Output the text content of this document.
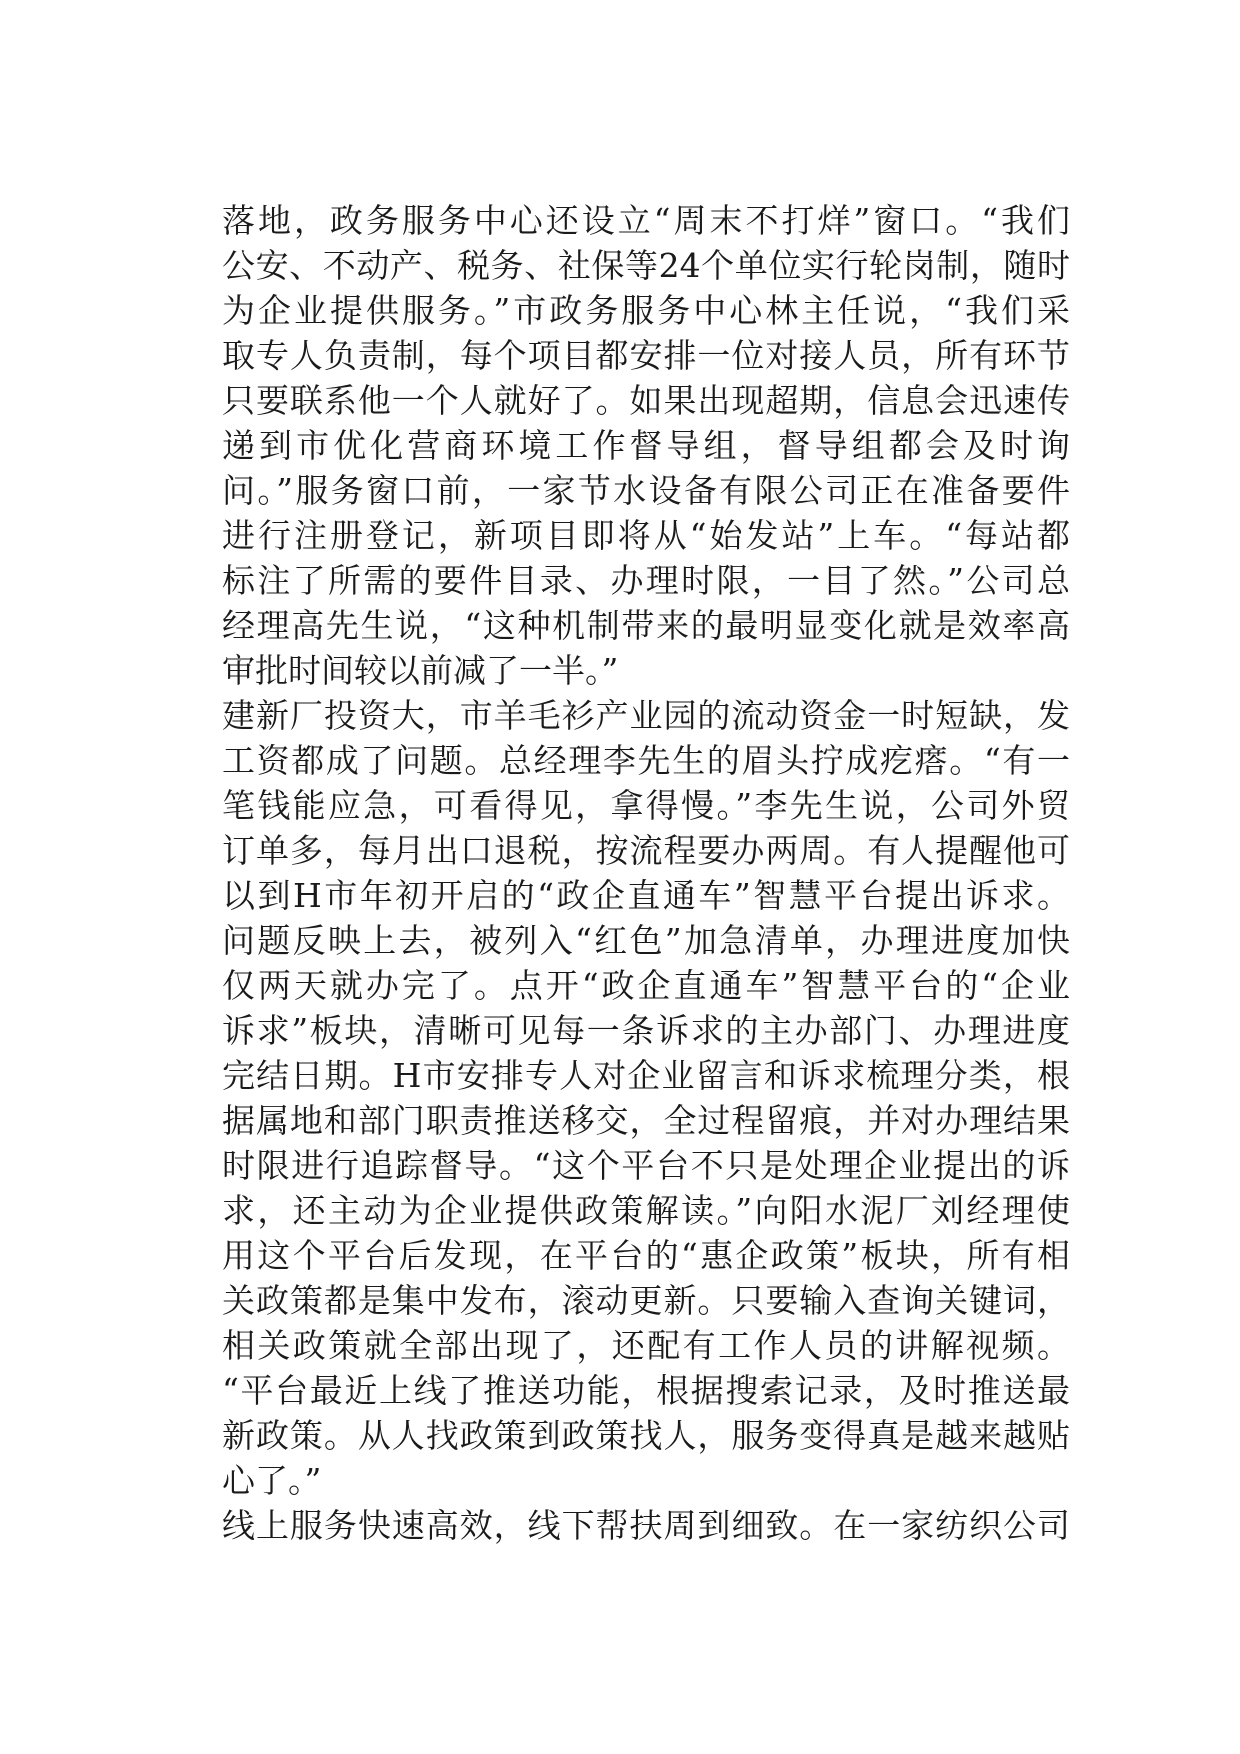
落地，政务服务中心还设立“周末不打烊”窗口。“我们
公安、不动产、税务、社保等24个单位实行轮岗制，随时
为企业提供服务。”市政务服务中心林主任说，“我们采
取专人负责制，每个项目都安排一位对接人员，所有环节
只要联系他一个人就好了。如果出现超期，信息会迅速传
递到市优化营商环境工作督导组，督导组都会及时询
问。”服务窗口前，一家节水设备有限公司正在准备要件
进行注册登记，新项目即将从“始发站”上车。“每站都
标注了所需的要件目录、办理时限，一目了然。”公司总
经理高先生说，“这种机制带来的最明显变化就是效率高
审批时间较以前减了一半。”
建新厂投资大，市羊毛衫产业园的流动资金一时短缺，发
工资都成了问题。总经理李先生的眉头拧成疙瘩。“有一
笔钱能应急，可看得见，拿得慢。”李先生说，公司外贸
订单多，每月出口退税，按流程要办两周。有人提醒他可
以到H市年初开启的“政企直通车”智慧平台提出诉求。
问题反映上去，被列入“红色”加急清单，办理进度加快
仅两天就办完了。点开“政企直通车”智慧平台的“企业
诉求”板块，清晰可见每一条诉求的主办部门、办理进度
完结日期。H市安排专人对企业留言和诉求梳理分类，根
据属地和部门职责推送移交，全过程留痕，并对办理结果
时限进行追踪督导。“这个平台不只是处理企业提出的诉
求，还主动为企业提供政策解读。”向阳水泥厂刘经理使
用这个平台后发现，在平台的“惠企政策”板块，所有相
关政策都是集中发布，滚动更新。只要输入查询关键词，
相关政策就全部出现了，还配有工作人员的讲解视频。
“平台最近上线了推送功能，根据搜索记录，及时推送最
新政策。从人找政策到政策找人，服务变得真是越来越贴
心了。”
线上服务快速高效，线下帮扶周到细致。在一家纺织公司
